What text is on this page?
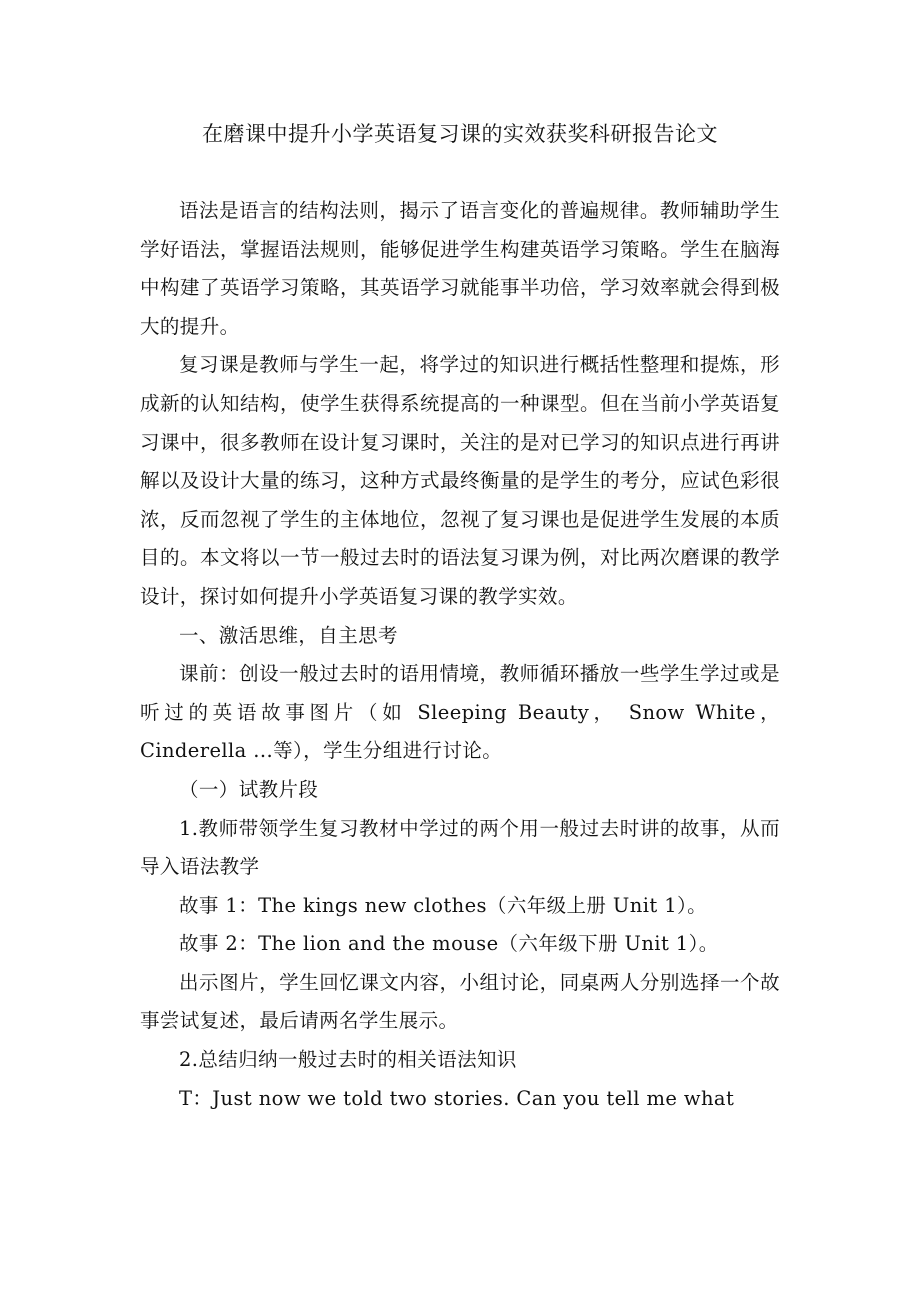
在磨课中提升小学英语复习课的实效获奖科研报告论文

语法是语言的结构法则，揭示了语言变化的普遍规律。教师辅助学生学好语法，掌握语法规则，能够促进学生构建英语学习策略。学生在脑海中构建了英语学习策略，其英语学习就能事半功倍，学习效率就会得到极大的提升。

复习课是教师与学生一起，将学过的知识进行概括性整理和提炼，形成新的认知结构，使学生获得系统提高的一种课型。但在当前小学英语复习课中，很多教师在设计复习课时，关注的是对已学习的知识点进行再讲解以及设计大量的练习，这种方式最终衡量的是学生的考分，应试色彩很浓，反而忽视了学生的主体地位，忽视了复习课也是促进学生发展的本质目的。本文将以一节一般过去时的语法复习课为例，对比两次磨课的教学设计，探讨如何提升小学英语复习课的教学实效。

一、激活思维，自主思考

课前：创设一般过去时的语用情境，教师循环播放一些学生学过或是听过的英语故事图片（如 Sleeping Beauty， Snow White， Cinderella ...等），学生分组进行讨论。

（一）试教片段

1.教师带领学生复习教材中学过的两个用一般过去时讲的故事，从而导入语法教学

故事 1：The kings new clothes（六年级上册 Unit 1）。

故事 2：The lion and the mouse（六年级下册 Unit 1）。

出示图片，学生回忆课文内容，小组讨论，同桌两人分别选择一个故事尝试复述，最后请两名学生展示。

2.总结归纳一般过去时的相关语法知识

T：Just now we told two stories. Can you tell me what
